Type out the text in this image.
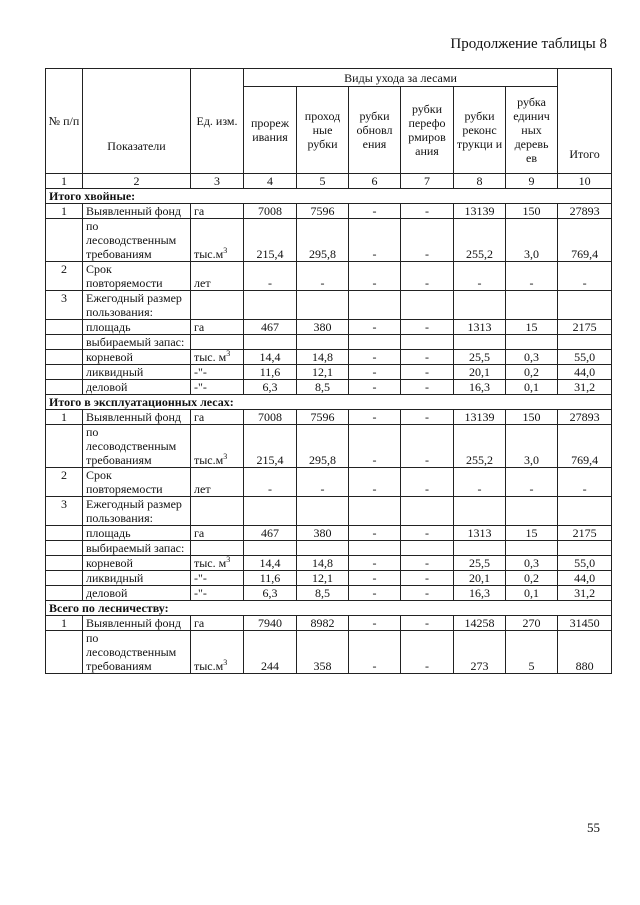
Продолжение таблицы 8
№ п/п	Показатели	Ед. изм.	Виды ухода за лесами						Итого
			прореж ивания	проход ные рубки	рубки обновл ения	рубки перефо рмиров ания	рубки реконс трукци и	рубка единич ных деревь ев	
1	2	3	4	5	6	7	8	9	10
Итого хвойные:									
1	Выявленный фонд	га	7008	7596	-	-	13139	150	27893
	по лесоводственным требованиям	$тыс.м^3$	215,4	295,8	-	-	255,2	3,0	769,4
2	Срок повторяемости	лет	-	-	-	-	-	-	-
3	Ежегодный размер пользования:								
	площадь	га	467	380	-	-	1313	15	2175
	выбираемый запас:								
	корневой	тыс. $м^3$	14,4	14,8	-	-	25,5	0,3	55,0
	ликвидный	-"-	11,6	12,1	-	-	20,1	0,2	44,0
	деловой	-"-	6,3	8,5	-	-	16,3	0,1	31,2
Итого в эксплуатационных лесах:									
1	Выявленный фонд	га	7008	7596	-	-	13139	150	27893
	по лесоводственным требованиям	$тыс.м^3$	215,4	295,8	-	-	255,2	3,0	769,4
2	Срок повторяемости	лет	-	-	-	-	-	-	-
3	Ежегодный размер пользования:								
	площадь	га	467	380	-	-	1313	15	2175
	выбираемый запас:								
	корневой	тыс. $м^3$	14,4	14,8	-	-	25,5	0,3	55,0
	ликвидный	-"-	11,6	12,1	-	-	20,1	0,2	44,0
	деловой	-"-	6,3	8,5	-	-	16,3	0,1	31,2
Всего по лесничеству:									
1	Выявленный фонд	га	7940	8982	-	-	14258	270	31450
	по лесоводственным требованиям	$тыс.м^3$	244	358	-	-	273	5	880
55
